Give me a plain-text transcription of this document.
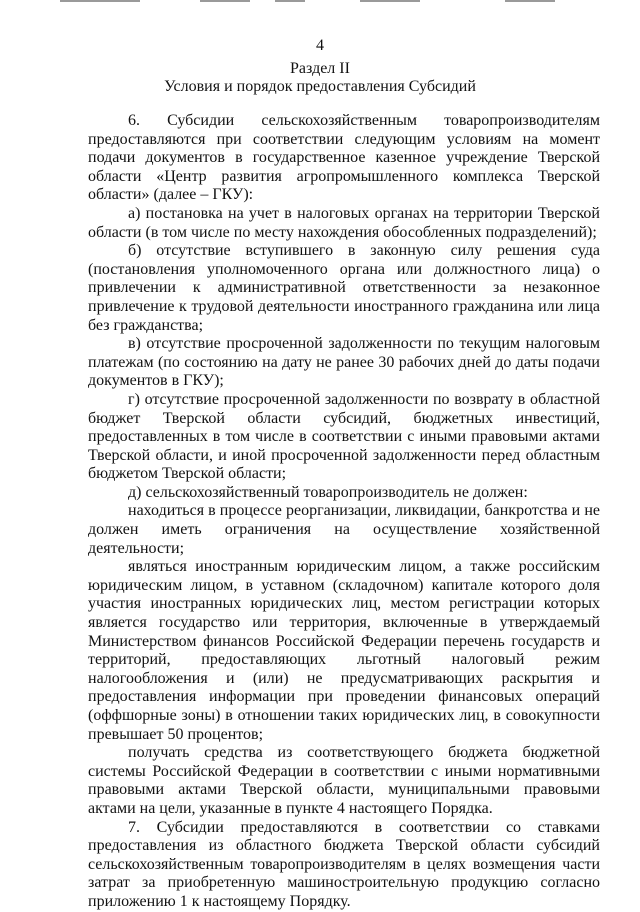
4
Раздел II
Условия и порядок предоставления Субсидий

6. Субсидии сельскохозяйственным товаропроизводителям предоставляются при соответствии следующим условиям на момент подачи документов в государственное казенное учреждение Тверской области «Центр развития агропромышленного комплекса Тверской области» (далее – ГКУ):

а) постановка на учет в налоговых органах на территории Тверской области (в том числе по месту нахождения обособленных подразделений);

б) отсутствие вступившего в законную силу решения суда (постановления уполномоченного органа или должностного лица) о привлечении к административной ответственности за незаконное привлечение к трудовой деятельности иностранного гражданина или лица без гражданства;

в) отсутствие просроченной задолженности по текущим налоговым платежам (по состоянию на дату не ранее 30 рабочих дней до даты подачи документов в ГКУ);

г) отсутствие просроченной задолженности по возврату в областной бюджет Тверской области субсидий, бюджетных инвестиций, предоставленных в том числе в соответствии с иными правовыми актами Тверской области, и иной просроченной задолженности перед областным бюджетом Тверской области;

д) сельскохозяйственный товаропроизводитель не должен:

находиться в процессе реорганизации, ликвидации, банкротства и не должен иметь ограничения на осуществление хозяйственной деятельности;

являться иностранным юридическим лицом, а также российским юридическим лицом, в уставном (складочном) капитале которого доля участия иностранных юридических лиц, местом регистрации которых является государство или территория, включенные в утверждаемый Министерством финансов Российской Федерации перечень государств и территорий, предоставляющих льготный налоговый режим налогообложения и (или) не предусматривающих раскрытия и предоставления информации при проведении финансовых операций (оффшорные зоны) в отношении таких юридических лиц, в совокупности превышает 50 процентов;

получать средства из соответствующего бюджета бюджетной системы Российской Федерации в соответствии с иными нормативными правовыми актами Тверской области, муниципальными правовыми актами на цели, указанные в пункте 4 настоящего Порядка.

7. Субсидии предоставляются в соответствии со ставками предоставления из областного бюджета Тверской области субсидий сельскохозяйственным товаропроизводителям в целях возмещения части затрат за приобретенную машиностроительную продукцию согласно приложению 1 к настоящему Порядку.
